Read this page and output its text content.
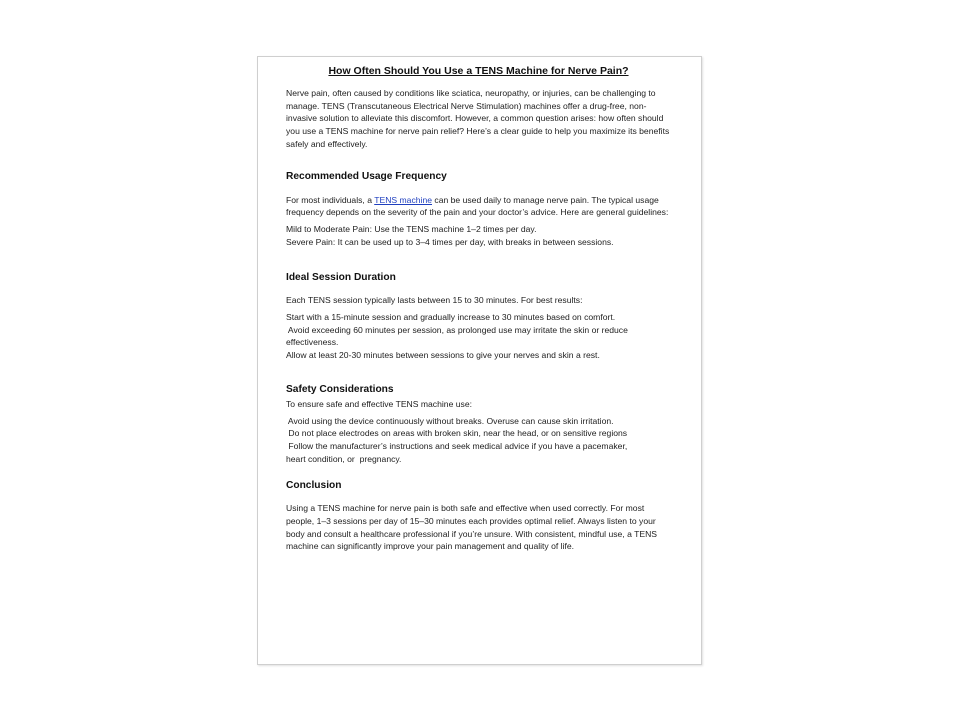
How Often Should You Use a TENS Machine for Nerve Pain?

Nerve pain, often caused by conditions like sciatica, neuropathy, or injuries, can be challenging to manage. TENS (Transcutaneous Electrical Nerve Stimulation) machines offer a drug-free, non-invasive solution to alleviate this discomfort. However, a common question arises: how often should you use a TENS machine for nerve pain relief? Here’s a clear guide to help you maximize its benefits safely and effectively.

Recommended Usage Frequency

For most individuals, a TENS machine can be used daily to manage nerve pain. The typical usage frequency depends on the severity of the pain and your doctor’s advice. Here are general guidelines:

Mild to Moderate Pain: Use the TENS machine 1–2 times per day.
Severe Pain: It can be used up to 3–4 times per day, with breaks in between sessions.
Ideal Session Duration

Each TENS session typically lasts between 15 to 30 minutes. For best results:

Start with a 15-minute session and gradually increase to 30 minutes based on comfort.
Avoid exceeding 60 minutes per session, as prolonged use may irritate the skin or reduce
effectiveness.
Allow at least 20-30 minutes between sessions to give your nerves and skin a rest.
Safety Considerations

To ensure safe and effective TENS machine use:

Avoid using the device continuously without breaks. Overuse can cause skin irritation.
Do not place electrodes on areas with broken skin, near the head, or on sensitive regions
Follow the manufacturer’s instructions and seek medical advice if you have a pacemaker,
heart condition, or  pregnancy.
Conclusion

Using a TENS machine for nerve pain is both safe and effective when used correctly. For most people, 1–3 sessions per day of 15–30 minutes each provides optimal relief. Always listen to your body and consult a healthcare professional if you’re unsure. With consistent, mindful use, a TENS machine can significantly improve your pain management and quality of life.
